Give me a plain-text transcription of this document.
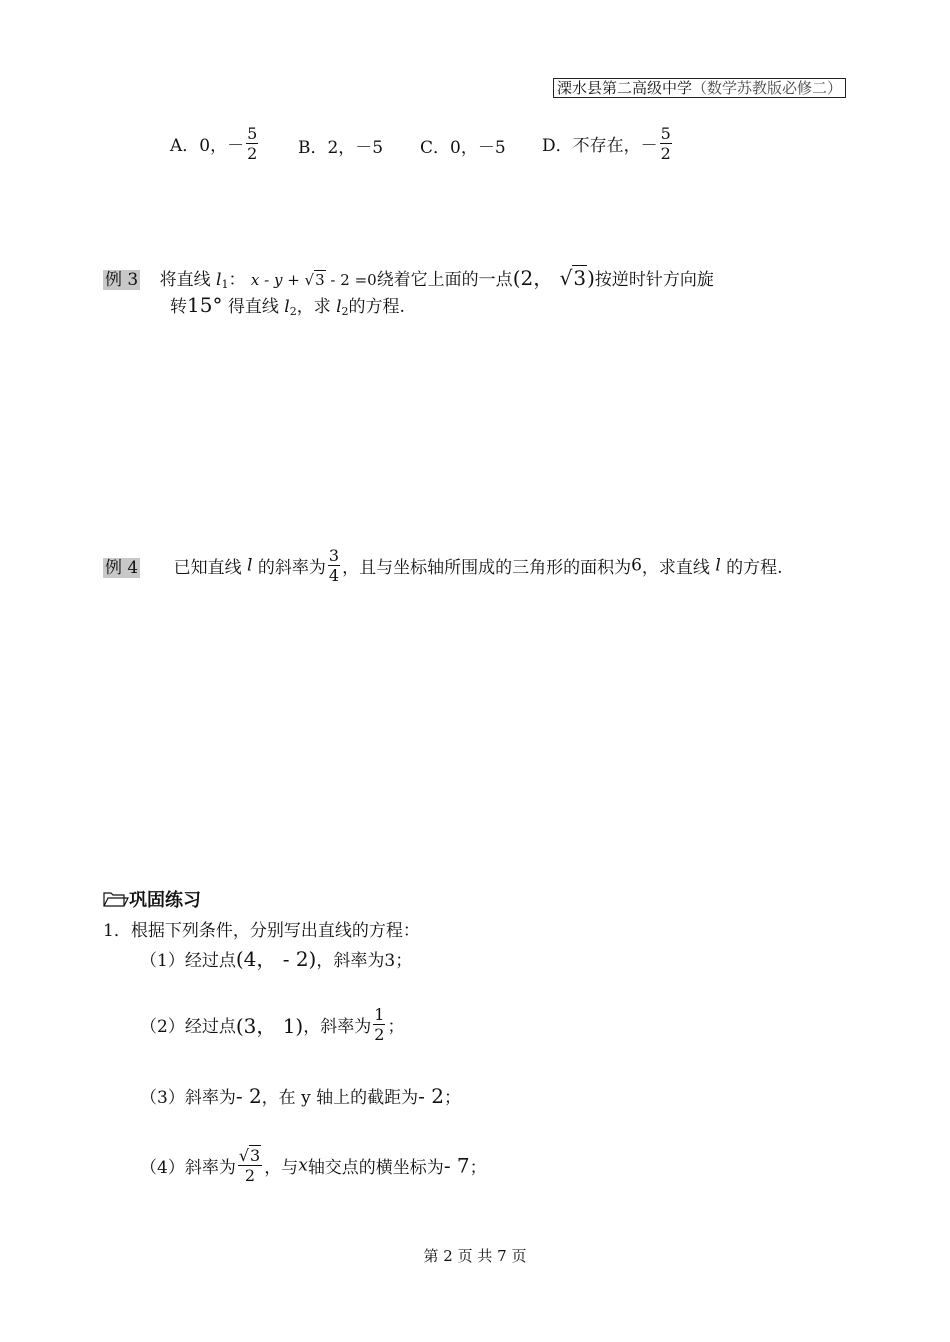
溧水县第二高级中学（数学苏教版必修二）
A．0，－ $\frac{5}{2}$ B．2，－5 C．0，－5 D．不存在，－ $\frac{5}{2}$
例 3 将直线 $l_1$： x - y + √3 - 2 =0绕着它上面的一点(2， √3)按逆时针方向旋
转15° 得直线 $l_2$，求 $l_2$的方程.
例 4 已知直线 l 的斜率为 $\frac{3}{4}$ ，且与坐标轴所围成的三角形的面积为6，求直线 l 的方程.
巩固练习
1．根据下列条件，分别写出直线的方程：
（1）经过点(4， - 2)，斜率为3；
（2）经过点(3， 1)，斜率为 $\frac{1}{2}$ ；
（3）斜率为- 2，在 y 轴上的截距为- 2；
（4）斜率为 $\frac{√3}{2}$ ，与x轴交点的横坐标为- 7；
第 2 页 共 7 页
